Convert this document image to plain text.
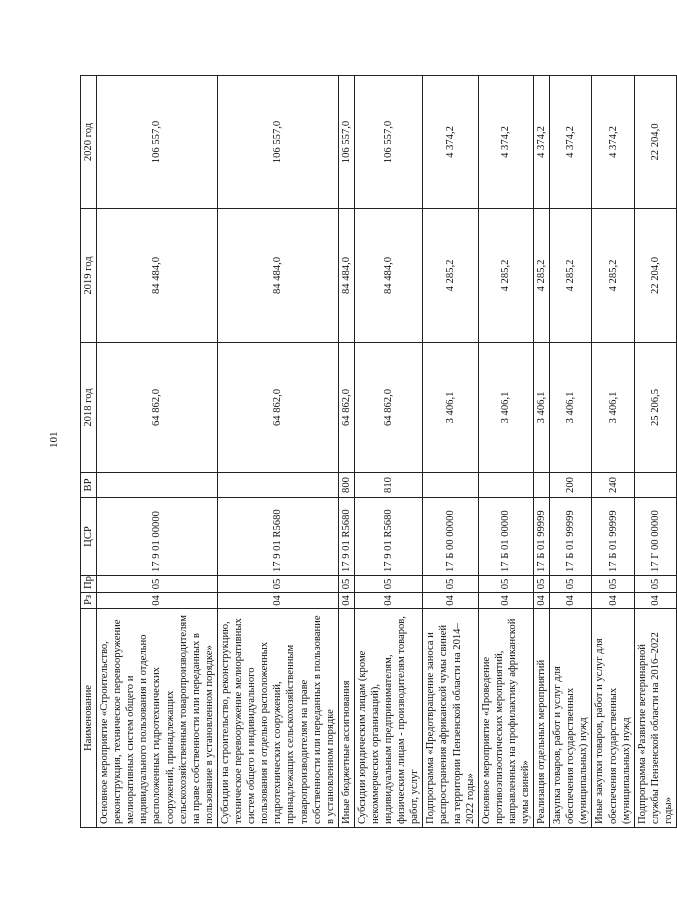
101
Наименование	Рз	Пр	ЦСР	ВР	2018 год	2019 год	2020 год
Основное мероприятие «Строительство, реконструкция, техническое перевооружение мелиоративных систем общего и индивидуального пользования и отдельно расположенных гидротехнических сооружений, принадлежащих сельскохозяйственным товаропроизводителям на праве собственности или переданных в пользование в установленном порядке»	04	05	17 9 01 00000		64 862,0	84 484,0	106 557,0
Субсидии на строительство, реконструкцию, техническое перевооружение мелиоративных систем общего и индивидуального пользования и отдельно расположенных гидротехнических сооружений, принадлежащих сельскохозяйственным товаропроизводителям на праве собственности или переданных в пользование в установленном порядке	04	05	17 9 01 R5680		64 862,0	84 484,0	106 557,0
Иные бюджетные ассигнования	04	05	17 9 01 R5680	800	64 862,0	84 484,0	106 557,0
Субсидии юридическим лицам (кроме некоммерческих организаций), индивидуальным предпринимателям, физическим лицам - производителям товаров, работ, услуг	04	05	17 9 01 R5680	810	64 862,0	84 484,0	106 557,0
Подпрограмма «Предотвращение заноса и распространения африканской чумы свиней на территории Пензенской области на 2014–2022 годы»	04	05	17 Б 00 00000		3 406,1	4 285,2	4 374,2
Основное мероприятие «Проведение противоэпизоотических мероприятий, направленных на профилактику африканской чумы свиней»	04	05	17 Б 01 00000		3 406,1	4 285,2	4 374,2
Реализация отдельных мероприятий	04	05	17 Б 01 99999		3 406,1	4 285,2	4 374,2
Закупка товаров, работ и услуг для обеспечения государственных (муниципальных) нужд	04	05	17 Б 01 99999	200	3 406,1	4 285,2	4 374,2
Иные закупки товаров, работ и услуг для обеспечения государственных (муниципальных) нужд	04	05	17 Б 01 99999	240	3 406,1	4 285,2	4 374,2
Подпрограмма «Развитие ветеринарной службы Пензенской области на 2016–2022 годы»	04	05	17 Г 00 00000		25 206,5	22 204,0	22 204,0
